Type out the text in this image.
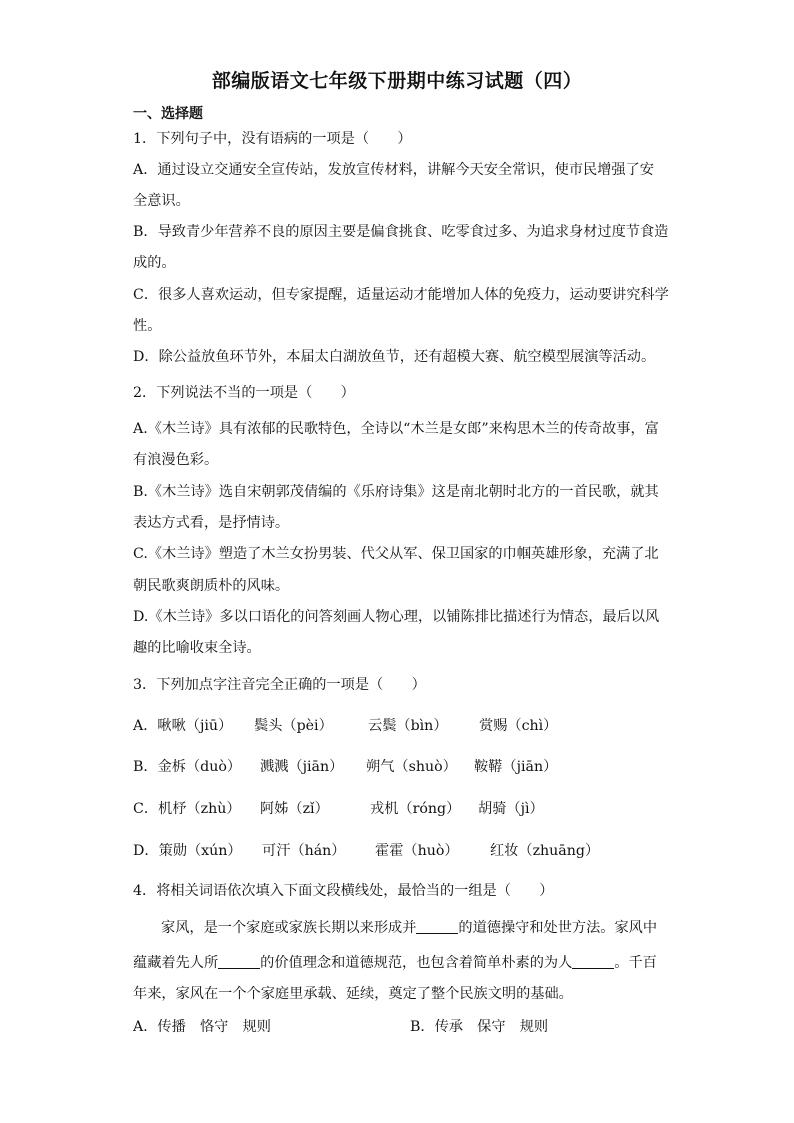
部编版语文七年级下册期中练习试题（四）
一、选择题
1．下列句子中，没有语病的一项是（　　）
A．通过设立交通安全宣传站，发放宣传材料，讲解今天安全常识，使市民增强了安
全意识。
B．导致青少年营养不良的原因主要是偏食挑食、吃零食过多、为追求身材过度节食造
成的。
C．很多人喜欢运动，但专家提醒，适量运动才能增加人体的免疫力，运动要讲究科学
性。
D．除公益放鱼环节外，本届太白湖放鱼节，还有超模大赛、航空模型展演等活动。
2．下列说法不当的一项是（　　）
A.《木兰诗》具有浓郁的民歌特色，全诗以“木兰是女郎”来构思木兰的传奇故事，富
有浪漫色彩。
B.《木兰诗》选自宋朝郭茂倩编的《乐府诗集》这是南北朝时北方的一首民歌，就其
表达方式看，是抒情诗。
C.《木兰诗》塑造了木兰女扮男装、代父从军、保卫国家的巾帼英雄形象，充满了北
朝民歌爽朗质朴的风味。
D.《木兰诗》多以口语化的问答刻画人物心理，以铺陈排比描述行为情态，最后以风
趣的比喻收束全诗。
3．下列加点字注音完全正确的一项是（　　）
A．啾啾（jiū） 鬓头（pèi） 云鬓（bìn） 赏赐（chì）
B．金柝（duò） 溅溅（jiān） 朔气（shuò） 鞍鞯（jiān）
C．机杼（zhù） 阿姊（zǐ）	戎机（róng） 胡骑（jì）
D．策勋（xún） 可汗（hán） 霍霍（huò） 红妆（zhuāng）
4．将相关词语依次填入下面文段横线处，最恰当的一组是（　　）
家风，是一个家庭或家族长期以来形成并	的道德操守和处世方法。家风中
蕴藏着先人所	的价值理念和道德规范，也包含着简单朴素的为人	。千百
年来，家风在一个个家庭里承载、延续，奠定了整个民族文明的基础。
A．传播　恪守　规则	B．传承　保守　规则
